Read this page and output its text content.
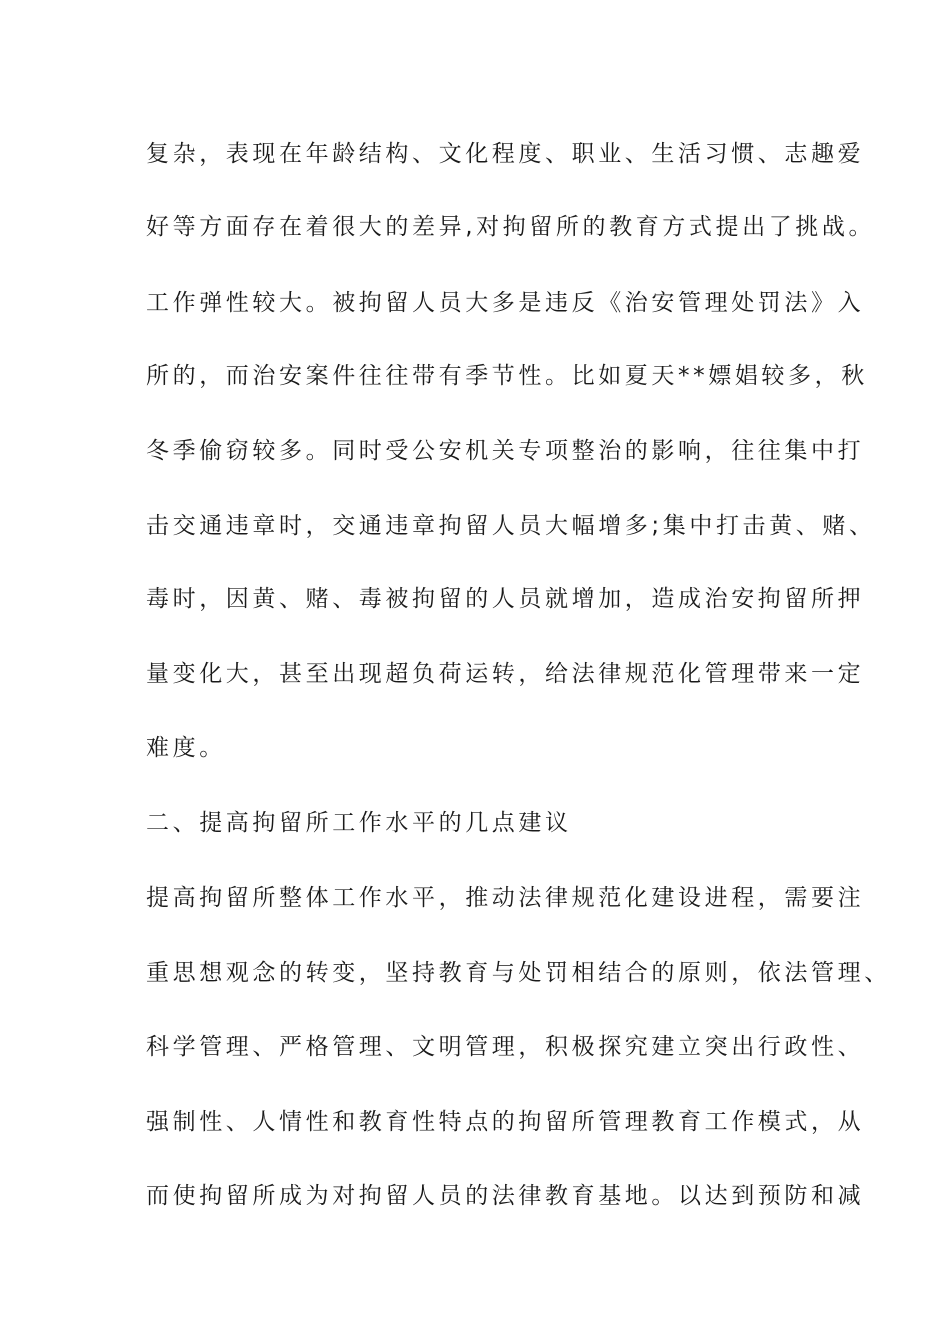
复杂，表现在年龄结构、文化程度、职业、生活习惯、志趣爱
好等方面存在着很大的差异,对拘留所的教育方式提出了挑战。
工作弹性较大。被拘留人员大多是违反《治安管理处罚法》入
所的，而治安案件往往带有季节性。比如夏天**嫖娼较多，秋
冬季偷窃较多。同时受公安机关专项整治的影响，往往集中打
击交通违章时，交通违章拘留人员大幅增多;集中打击黄、赌、
毒时，因黄、赌、毒被拘留的人员就增加，造成治安拘留所押
量变化大，甚至出现超负荷运转，给法律规范化管理带来一定
难度。
二、提高拘留所工作水平的几点建议
提高拘留所整体工作水平，推动法律规范化建设进程，需要注
重思想观念的转变，坚持教育与处罚相结合的原则，依法管理、
科学管理、严格管理、文明管理，积极探究建立突出行政性、
强制性、人情性和教育性特点的拘留所管理教育工作模式，从
而使拘留所成为对拘留人员的法律教育基地。以达到预防和减
